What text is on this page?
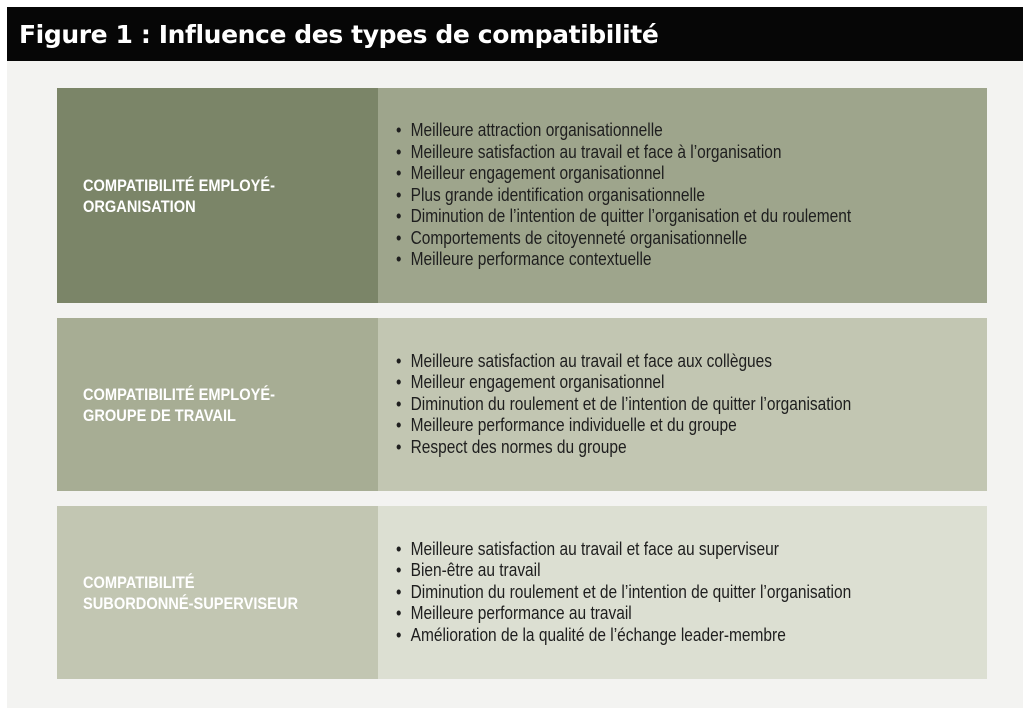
Figure 1 : Influence des types de compatibilité
COMPATIBILITÉ EMPLOYÉ-
ORGANISATION
• Meilleure attraction organisationnelle
• Meilleure satisfaction au travail et face à l’organisation
• Meilleur engagement organisationnel
• Plus grande identification organisationnelle
• Diminution de l’intention de quitter l’organisation et du roulement
• Comportements de citoyenneté organisationnelle
• Meilleure performance contextuelle
COMPATIBILITÉ EMPLOYÉ-
GROUPE DE TRAVAIL
• Meilleure satisfaction au travail et face aux collègues
• Meilleur engagement organisationnel
• Diminution du roulement et de l’intention de quitter l’organisation
• Meilleure performance individuelle et du groupe
• Respect des normes du groupe
COMPATIBILITÉ
SUBORDONNÉ-SUPERVISEUR
• Meilleure satisfaction au travail et face au superviseur
• Bien-être au travail
• Diminution du roulement et de l’intention de quitter l’organisation
• Meilleure performance au travail
• Amélioration de la qualité de l’échange leader-membre
